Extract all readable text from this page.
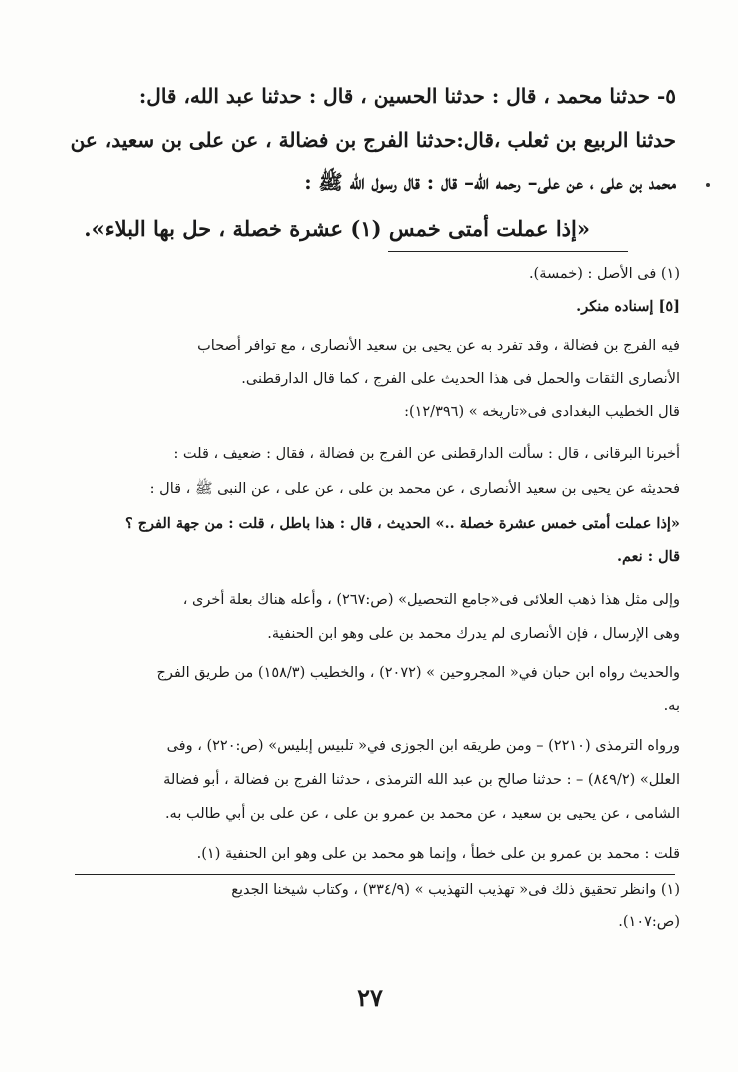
٥- حدثنا محمد ، قال : حدثنا الحسين ، قال : حدثنا عبد الله، قال:
حدثنا الربيع بن ثعلب ،قال:حدثنا الفرج بن فضالة ، عن على بن سعيد، عن
محمد بن على ، عن على– رحمه الله– قال : قال رسول الله ﷺ :
«إذا عملت أمتى خمس (١) عشرة خصلة ، حل بها البلاء».
(١) فى الأصل : (خمسة).
[٥] إسناده منكر.
فيه الفرج بن فضالة ، وقد تفرد به عن يحيى بن سعيد الأنصارى ، مع توافر أصحاب
الأنصارى الثقات والحمل فى هذا الحديث على الفرج ، كما قال الدارقطنى.
قال الخطيب البغدادى فى«تاريخه » (١٢/٣٩٦):
أخبرنا البرقانى ، قال : سألت الدارقطنى عن الفرج بن فضالة ، فقال : ضعيف ، قلت :
فحديثه عن يحيى بن سعيد الأنصارى ، عن محمد بن على ، عن على ، عن النبى ﷺ ، قال :
«إذا عملت أمتى خمس عشرة خصلة ..» الحديث ، قال : هذا باطل ، قلت : من جهة الفرج ؟
قال : نعم.
وإلى مثل هذا ذهب العلائى فى«جامع التحصيل» (ص:٢٦٧) ، وأعله هناك بعلة أخرى ،
وهى الإرسال ، فإن الأنصارى لم يدرك محمد بن على وهو ابن الحنفية.
والحديث رواه ابن حبان في« المجروحين » (٢٠٧٢) ، والخطيب (١٥٨/٣) من طريق الفرج
به.
ورواه الترمذى (٢٢١٠) – ومن طريقه ابن الجوزى في« تلبيس إبليس» (ص:٢٢٠) ، وفى
العلل» (٨٤٩/٢) – : حدثنا صالح بن عبد الله الترمذى ، حدثنا الفرج بن فضالة ، أبو فضالة
الشامى ، عن يحيى بن سعيد ، عن محمد بن عمرو بن على ، عن على بن أبي طالب به.
قلت : محمد بن عمرو بن على خطأ ، وإنما هو محمد بن على وهو ابن الحنفية (١).
(١) وانظر تحقيق ذلك فى« تهذيب التهذيب » (٣٣٤/٩) ، وكتاب شيخنا الجديع
(ص:١٠٧).
٢٧
